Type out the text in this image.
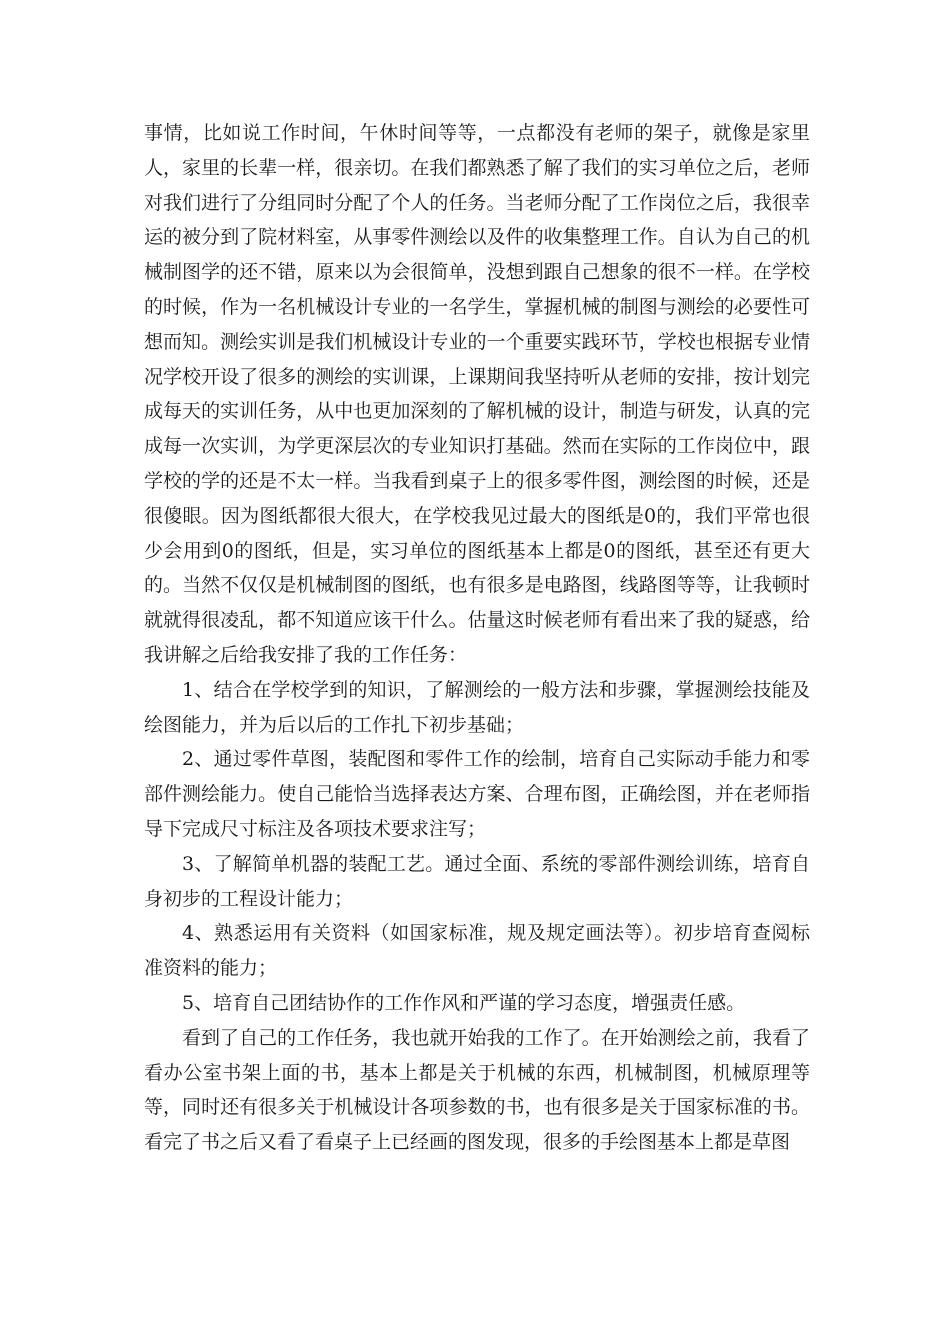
事情，比如说工作时间，午休时间等等，一点都没有老师的架子，就像是家里人，家里的长辈一样，很亲切。在我们都熟悉了解了我们的实习单位之后，老师对我们进行了分组同时分配了个人的任务。当老师分配了工作岗位之后，我很幸运的被分到了院材料室，从事零件测绘以及件的收集整理工作。自认为自己的机械制图学的还不错，原来以为会很简单，没想到跟自己想象的很不一样。在学校的时候，作为一名机械设计专业的一名学生，掌握机械的制图与测绘的必要性可想而知。测绘实训是我们机械设计专业的一个重要实践环节，学校也根据专业情况学校开设了很多的测绘的实训课，上课期间我坚持听从老师的安排，按计划完成每天的实训任务，从中也更加深刻的了解机械的设计，制造与研发，认真的完成每一次实训，为学更深层次的专业知识打基础。然而在实际的工作岗位中，跟学校的学的还是不太一样。当我看到桌子上的很多零件图，测绘图的时候，还是很傻眼。因为图纸都很大很大，在学校我见过最大的图纸是0的，我们平常也很少会用到0的图纸，但是，实习单位的图纸基本上都是0的图纸，甚至还有更大的。当然不仅仅是机械制图的图纸，也有很多是电路图，线路图等等，让我顿时就就得很凌乱，都不知道应该干什么。估量这时候老师有看出来了我的疑惑，给我讲解之后给我安排了我的工作任务：

1、结合在学校学到的知识，了解测绘的一般方法和步骤，掌握测绘技能及绘图能力，并为后以后的工作扎下初步基础；

2、通过零件草图，装配图和零件工作的绘制，培育自己实际动手能力和零部件测绘能力。使自己能恰当选择表达方案、合理布图，正确绘图，并在老师指导下完成尺寸标注及各项技术要求注写；

3、了解简单机器的装配工艺。通过全面、系统的零部件测绘训练，培育自身初步的工程设计能力；

4、熟悉运用有关资料（如国家标准，规及规定画法等）。初步培育查阅标准资料的能力；

5、培育自己团结协作的工作作风和严谨的学习态度，增强责任感。

看到了自己的工作任务，我也就开始我的工作了。在开始测绘之前，我看了看办公室书架上面的书，基本上都是关于机械的东西，机械制图，机械原理等等，同时还有很多关于机械设计各项参数的书，也有很多是关于国家标准的书。看完了书之后又看了看桌子上已经画的图发现，很多的手绘图基本上都是草图
